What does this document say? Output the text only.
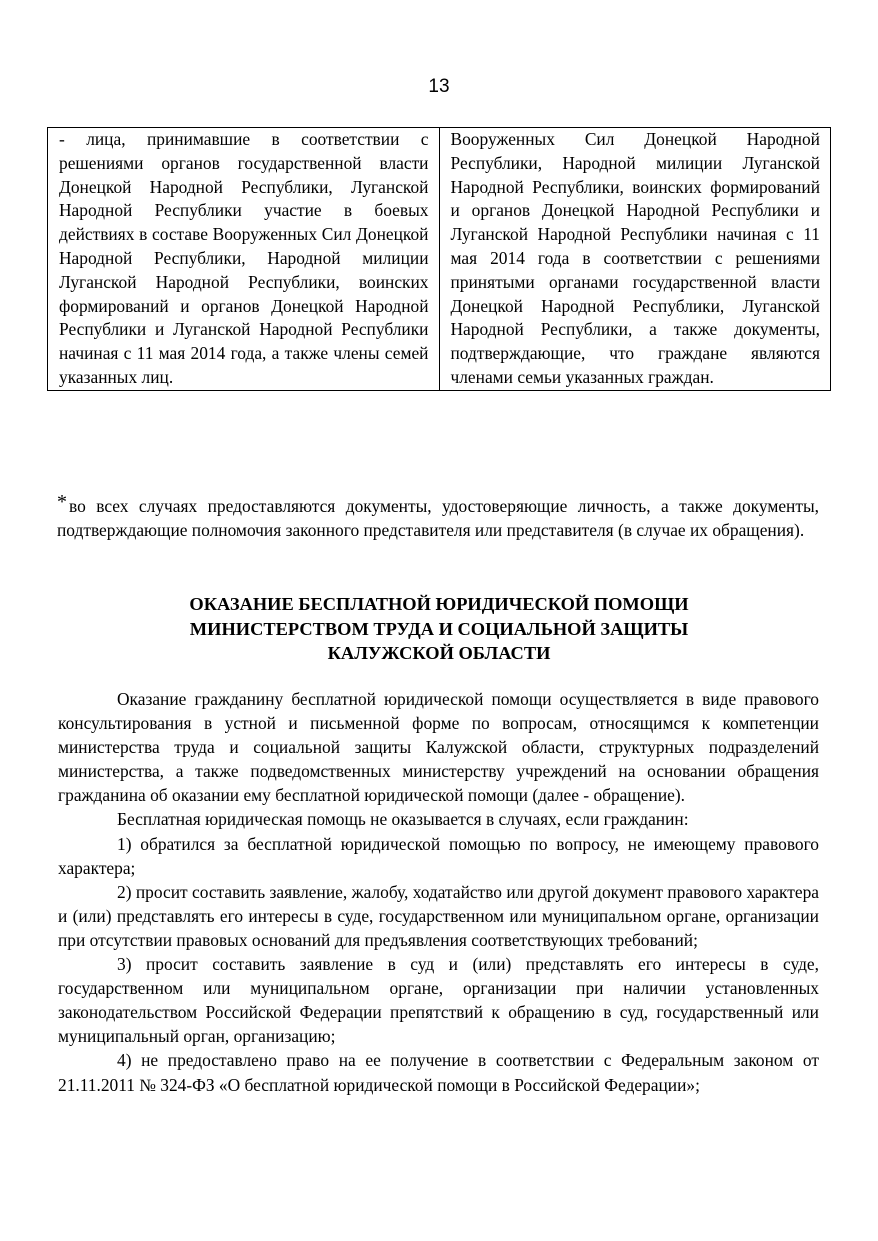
13
- лица, принимавшие в соответствии с решениями органов государственной власти Донецкой Народной Республики, Луганской Народной Республики участие в боевых действиях в составе Вооруженных Сил Донецкой Народной Республики, Народной милиции Луганской Народной Республики, воинских формирований и органов Донецкой Народной Республики и Луганской Народной Республики начиная с 11 мая 2014 года, а также члены семей указанных лиц.	Вооруженных Сил Донецкой Народной Республики, Народной милиции Луганской Народной Республики, воинских формирований и органов Донецкой Народной Республики и Луганской Народной Республики начиная с 11 мая 2014 года в соответствии с решениями принятыми органами государственной власти Донецкой Народной Республики, Луганской Народной Республики, а также документы, подтверждающие, что граждане являются членами семьи указанных граждан.
* во всех случаях предоставляются документы, удостоверяющие личность, а также документы, подтверждающие полномочия законного представителя или представителя (в случае их обращения).
ОКАЗАНИЕ БЕСПЛАТНОЙ ЮРИДИЧЕСКОЙ ПОМОЩИ
МИНИСТЕРСТВОМ ТРУДА И СОЦИАЛЬНОЙ ЗАЩИТЫ
КАЛУЖСКОЙ ОБЛАСТИ

Оказание гражданину бесплатной юридической помощи осуществляется в виде правового консультирования в устной и письменной форме по вопросам, относящимся к компетенции министерства труда и социальной защиты Калужской области, структурных подразделений министерства, а также подведомственных министерству учреждений на основании обращения гражданина об оказании ему бесплатной юридической помощи (далее - обращение).

Бесплатная юридическая помощь не оказывается в случаях, если гражданин:

1) обратился за бесплатной юридической помощью по вопросу, не имеющему правового характера;

2) просит составить заявление, жалобу, ходатайство или другой документ правового характера и (или) представлять его интересы в суде, государственном или муниципальном органе, организации при отсутствии правовых оснований для предъявления соответствующих требований;

3) просит составить заявление в суд и (или) представлять его интересы в суде, государственном или муниципальном органе, организации при наличии установленных законодательством Российской Федерации препятствий к обращению в суд, государственный или муниципальный орган, организацию;

4) не предоставлено право на ее получение в соответствии с Федеральным законом от 21.11.2011 № 324-ФЗ «О бесплатной юридической помощи в Российской Федерации»;
